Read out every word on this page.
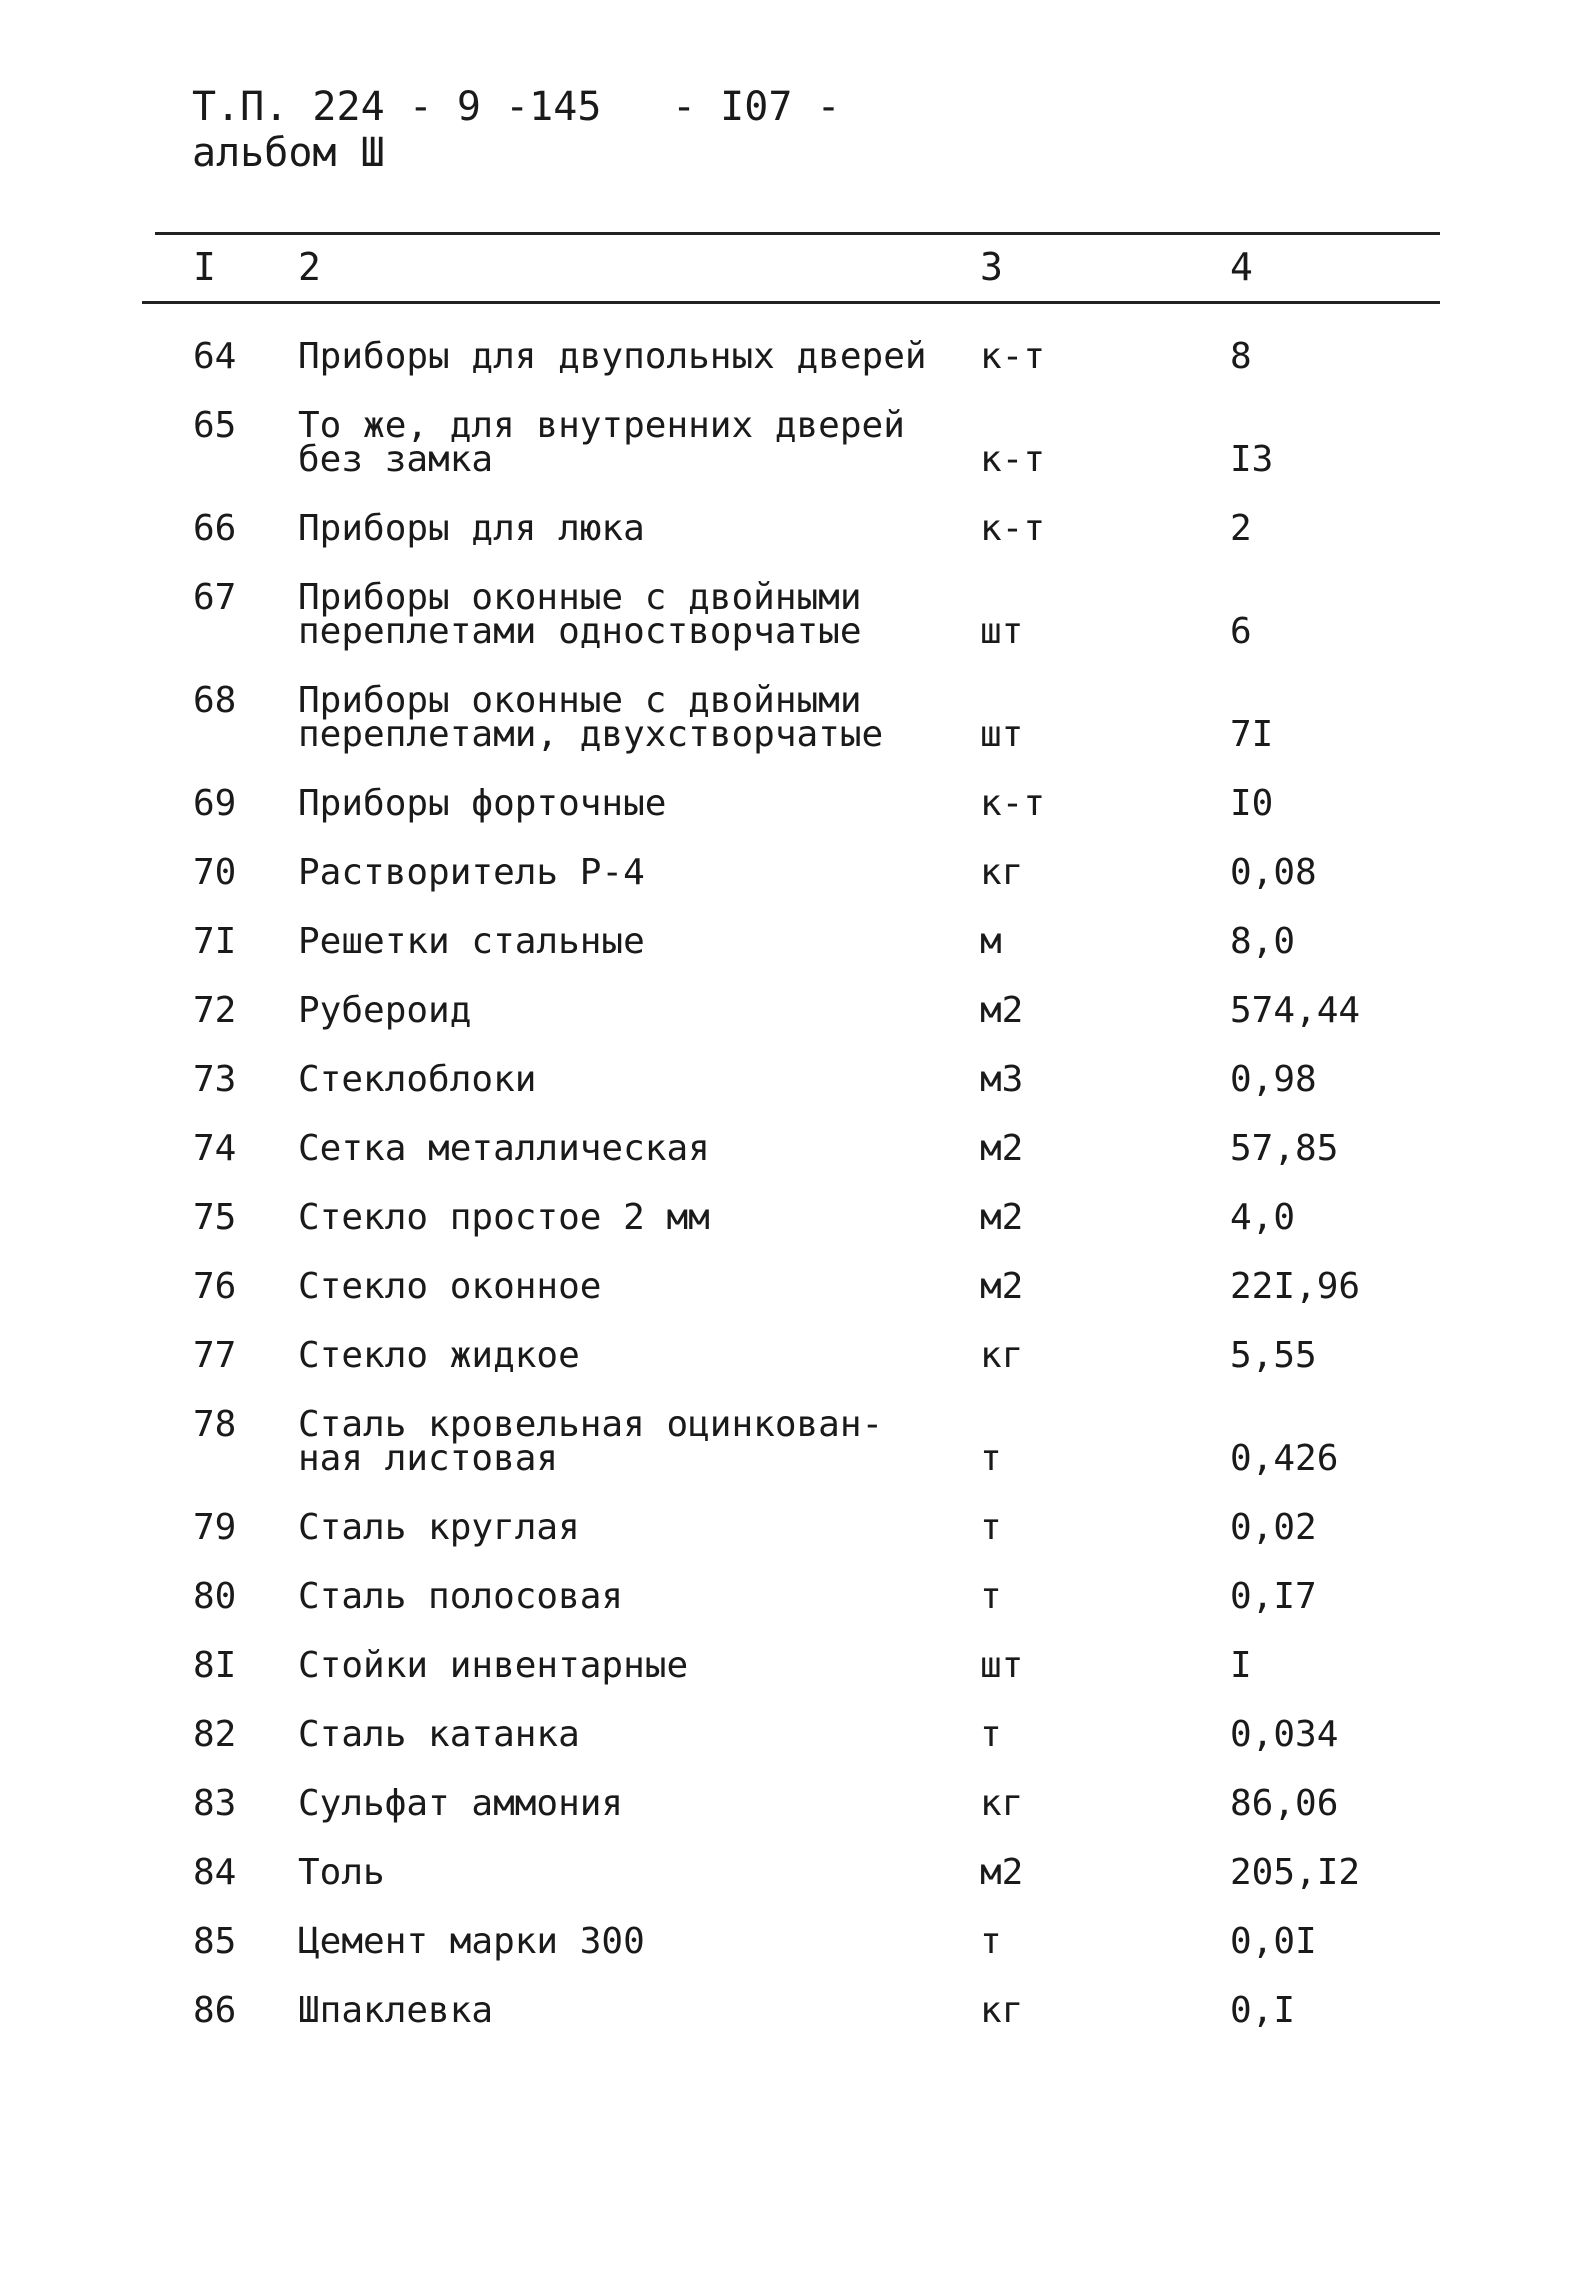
Т.П. 224 - 9 -145 - I07 -
альбом Ш
I 2	3	4
64 Приборы для двупольных дверей к-т	8
65 То же, для внутренних дверей
без замка	к-т	I3
66 Приборы для люка	к-т	2
67 Приборы оконные с двойными
переплетами одностворчатые	шт	6
68 Приборы оконные с двойными
переплетами, двухстворчатые	шт	7I
69 Приборы форточные	к-т	I0
70 Растворитель Р-4	кг	0,08
7I Решетки стальные	м	8,0
72 Рубероид	м2	574,44
73 Стеклоблоки	м3	0,98
74 Сетка металлическая	м2	57,85
75 Стекло простое 2 мм	м2	4,0
76 Стекло оконное	м2	22I,96
77 Стекло жидкое	кг	5,55
78 Сталь кровельная оцинкован-
ная листовая	т	0,426
79 Сталь круглая	т	0,02
80 Сталь полосовая	т	0,I7
8I Стойки инвентарные	шт	I
82 Сталь катанка	т	0,034
83 Сульфат аммония	кг	86,06
84 Толь	м2	205,I2
85 Цемент марки 300	т	0,0I
86 Шпаклевка	кг	0,I
